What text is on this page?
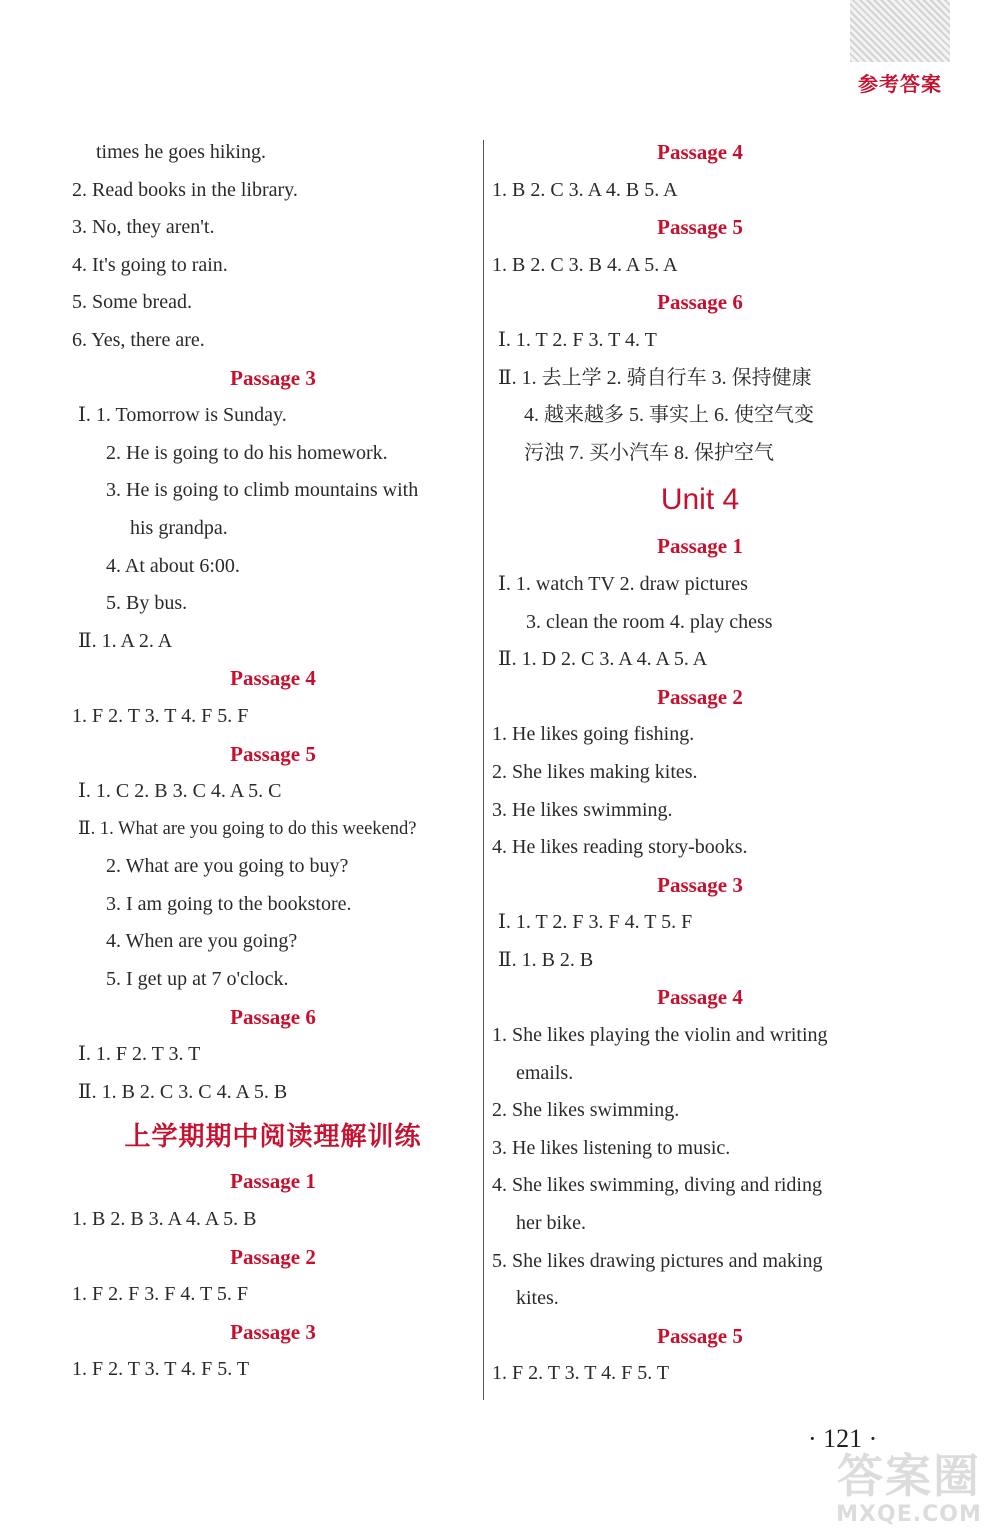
参考答案
times he goes hiking.
2. Read books in the library.
3. No, they aren't.
4. It's going to rain.
5. Some bread.
6. Yes, there are.
Passage 3
Ⅰ. 1. Tomorrow is Sunday.
2. He is going to do his homework.
3. He is going to climb mountains with
his grandpa.
4. At about 6:00.
5. By bus.
Ⅱ. 1. A 2. A
Passage 4
1. F 2. T 3. T 4. F 5. F
Passage 5
Ⅰ. 1. C 2. B 3. C 4. A 5. C
Ⅱ. 1. What are you going to do this weekend?
2. What are you going to buy?
3. I am going to the bookstore.
4. When are you going?
5. I get up at 7 o'clock.
Passage 6
Ⅰ. 1. F 2. T 3. T
Ⅱ. 1. B 2. C 3. C 4. A 5. B
上学期期中阅读理解训练
Passage 1
1. B 2. B 3. A 4. A 5. B
Passage 2
1. F 2. F 3. F 4. T 5. F
Passage 3
1. F 2. T 3. T 4. F 5. T
Passage 4
1. B 2. C 3. A 4. B 5. A
Passage 5
1. B 2. C 3. B 4. A 5. A
Passage 6
Ⅰ. 1. T 2. F 3. T 4. T
Ⅱ. 1. 去上学 2. 骑自行车 3. 保持健康
4. 越来越多 5. 事实上 6. 使空气变
污浊 7. 买小汽车 8. 保护空气
Unit 4
Passage 1
Ⅰ. 1. watch TV 2. draw pictures
3. clean the room 4. play chess
Ⅱ. 1. D 2. C 3. A 4. A 5. A
Passage 2
1. He likes going fishing.
2. She likes making kites.
3. He likes swimming.
4. He likes reading story-books.
Passage 3
Ⅰ. 1. T 2. F 3. F 4. T 5. F
Ⅱ. 1. B 2. B
Passage 4
1. She likes playing the violin and writing
emails.
2. She likes swimming.
3. He likes listening to music.
4. She likes swimming, diving and riding
her bike.
5. She likes drawing pictures and making
kites.
Passage 5
1. F 2. T 3. T 4. F 5. T
· 121 ·
答案圈
MXQE.COM
